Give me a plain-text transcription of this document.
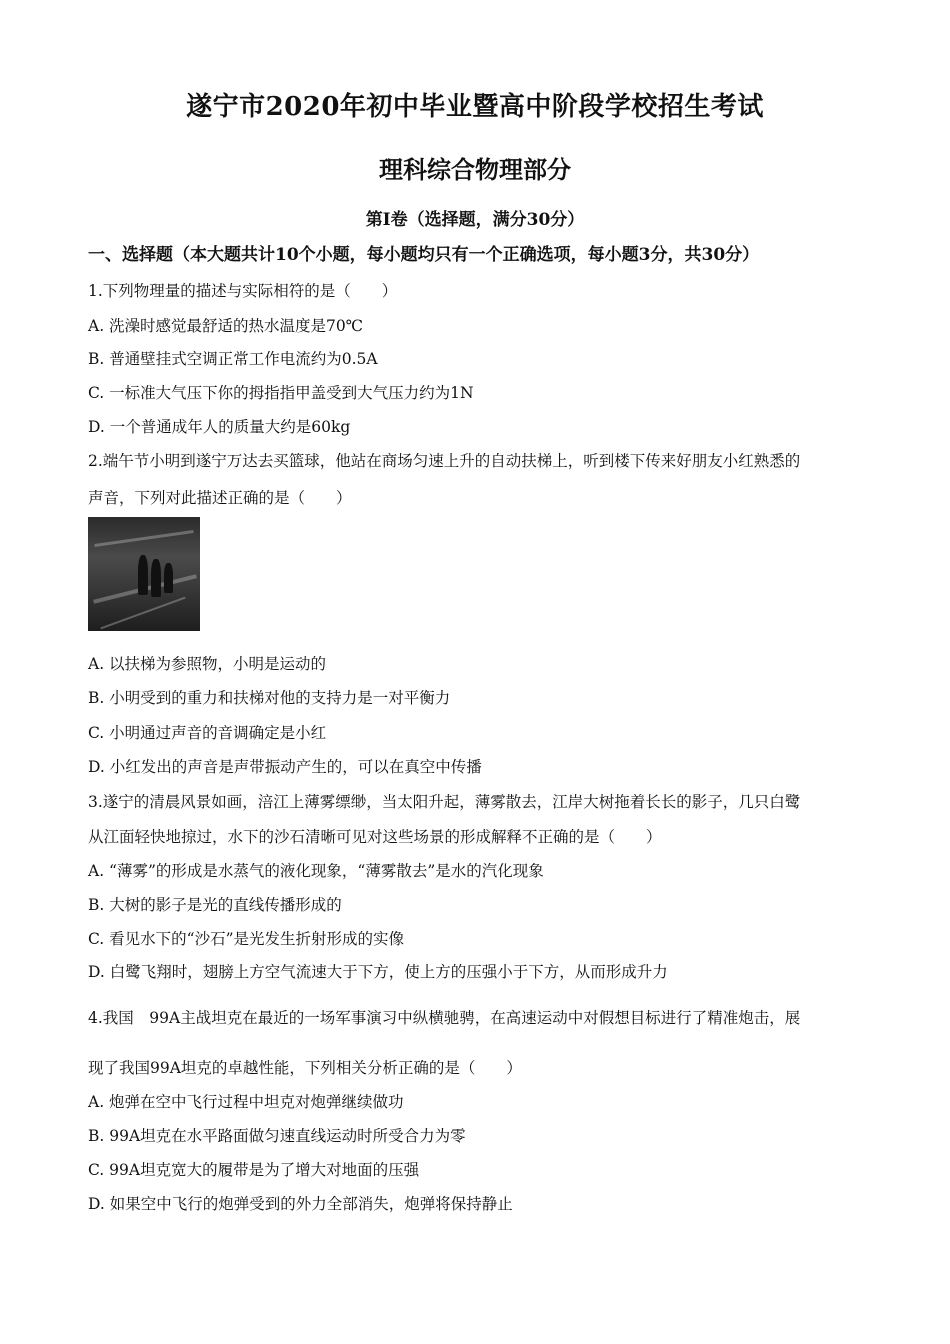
遂宁市2020年初中毕业暨高中阶段学校招生考试
理科综合物理部分
第Ⅰ卷（选择题，满分30分）
一、选择题（本大题共计10个小题，每小题均只有一个正确选项，每小题3分，共30分）
1.下列物理量的描述与实际相符的是（　　）
A. 洗澡时感觉最舒适的热水温度是70℃
B. 普通壁挂式空调正常工作电流约为0.5A
C. 一标准大气压下你的拇指指甲盖受到大气压力约为1N
D. 一个普通成年人的质量大约是60kg
2.端午节小明到遂宁万达去买篮球，他站在商场匀速上升的自动扶梯上，听到楼下传来好朋友小红熟悉的
声音，下列对此描述正确的是（　　）
A. 以扶梯为参照物，小明是运动的
B. 小明受到的重力和扶梯对他的支持力是一对平衡力
C. 小明通过声音的音调确定是小红
D. 小红发出的声音是声带振动产生的，可以在真空中传播
3.遂宁的清晨风景如画，涪江上薄雾缥缈，当太阳升起，薄雾散去，江岸大树拖着长长的影子，几只白鹭
从江面轻快地掠过，水下的沙石清晰可见对这些场景的形成解释不正确的是（　　）
A. “薄雾”的形成是水蒸气的液化现象，“薄雾散去”是水的汽化现象
B. 大树的影子是光的直线传播形成的
C. 看见水下的“沙石”是光发生折射形成的实像
D. 白鹭飞翔时，翅膀上方空气流速大于下方，使上方的压强小于下方，从而形成升力
4.我国　99A主战坦克在最近的一场军事演习中纵横驰骋，在高速运动中对假想目标进行了精准炮击，展
现了我国99A坦克的卓越性能，下列相关分析正确的是（　　）
A. 炮弹在空中飞行过程中坦克对炮弹继续做功
B. 99A坦克在水平路面做匀速直线运动时所受合力为零
C. 99A坦克宽大的履带是为了增大对地面的压强
D. 如果空中飞行的炮弹受到的外力全部消失，炮弹将保持静止
